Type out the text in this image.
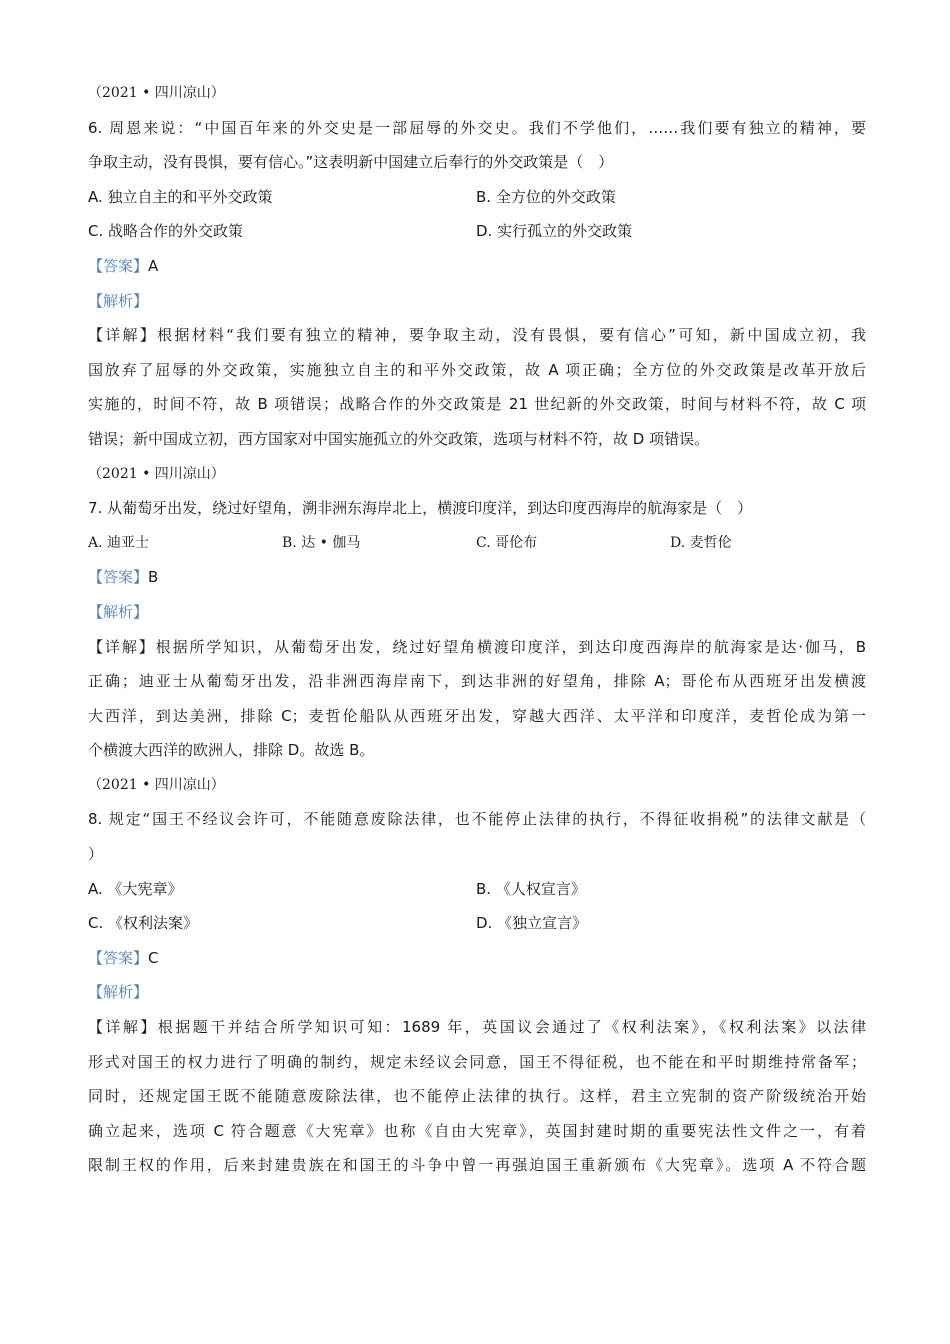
（2021 • 四川凉山）
6. 周恩来说：“中国百年来的外交史是一部屈辱的外交史。我们不学他们，……我们要有独立的精神，要
争取主动，没有畏惧，要有信心。”这表明新中国建立后奉行的外交政策是（　）
A. 独立自主的和平外交政策	B. 全方位的外交政策
C. 战略合作的外交政策	D. 实行孤立的外交政策
【答案】A
【解析】
【详解】根据材料“我们要有独立的精神，要争取主动，没有畏惧，要有信心”可知，新中国成立初，我
国放弃了屈辱的外交政策，实施独立自主的和平外交政策，故 A 项正确；全方位的外交政策是改革开放后
实施的，时间不符，故 B 项错误；战略合作的外交政策是 21 世纪新的外交政策，时间与材料不符，故 C 项
错误；新中国成立初，西方国家对中国实施孤立的外交政策，选项与材料不符，故 D 项错误。
（2021 • 四川凉山）
7. 从葡萄牙出发，绕过好望角，溯非洲东海岸北上，横渡印度洋，到达印度西海岸的航海家是（　）
A. 迪亚士	B. 达 • 伽马	C. 哥伦布	D. 麦哲伦
【答案】B
【解析】
【详解】根据所学知识，从葡萄牙出发，绕过好望角横渡印度洋，到达印度西海岸的航海家是达·伽马，B
正确；迪亚士从葡萄牙出发，沿非洲西海岸南下，到达非洲的好望角，排除 A；哥伦布从西班牙出发横渡
大西洋，到达美洲，排除 C；麦哲伦船队从西班牙出发，穿越大西洋、太平洋和印度洋，麦哲伦成为第一
个横渡大西洋的欧洲人，排除 D。故选 B。
（2021 • 四川凉山）
8. 规定“国王不经议会许可，不能随意废除法律，也不能停止法律的执行，不得征收捐税”的法律文献是（
）
A. 《大宪章》	B. 《人权宣言》
C. 《权利法案》	D. 《独立宣言》
【答案】C
【解析】
【详解】根据题干并结合所学知识可知：1689 年，英国议会通过了《权利法案》，《权利法案》以法律
形式对国王的权力进行了明确的制约，规定未经议会同意，国王不得征税，也不能在和平时期维持常备军；
同时，还规定国王既不能随意废除法律，也不能停止法律的执行。这样，君主立宪制的资产阶级统治开始
确立起来，选项 C 符合题意《大宪章》也称《自由大宪章》，英国封建时期的重要宪法性文件之一，有着
限制王权的作用，后来封建贵族在和国王的斗争中曾一再强迫国王重新颁布《大宪章》。选项 A 不符合题
